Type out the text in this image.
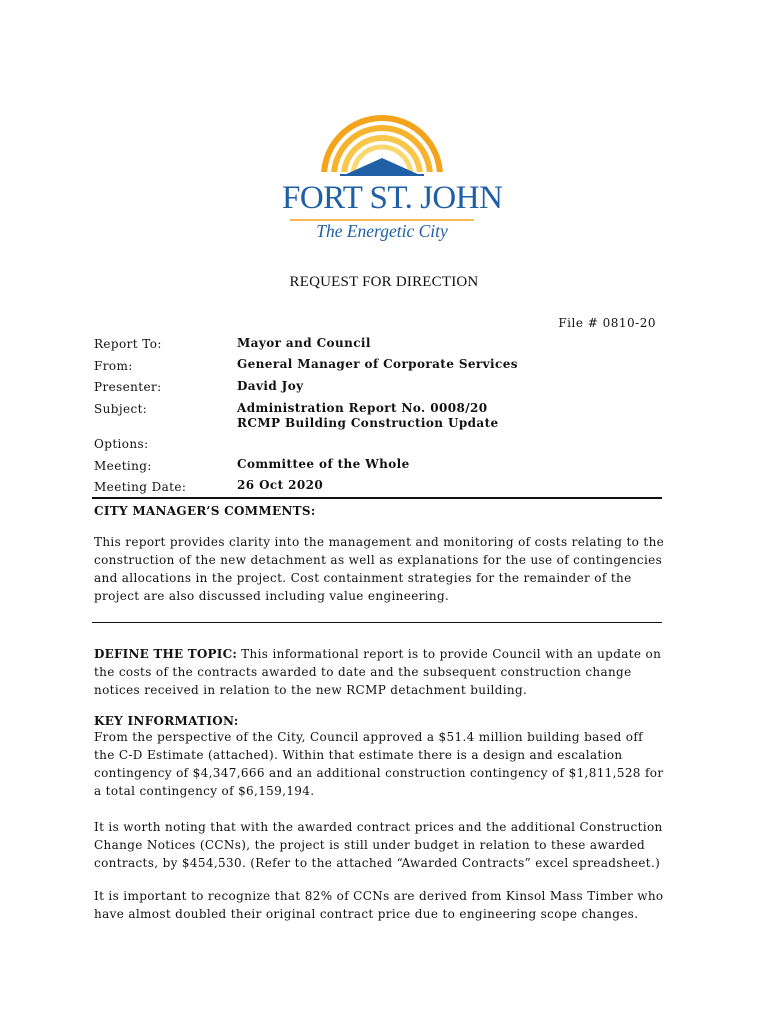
FORT ST. JOHN
The Energetic City
REQUEST FOR DIRECTION
File # 0810-20
Report To:	Mayor and Council
From:	General Manager of Corporate Services
Presenter:	David Joy
Subject:	Administration Report No. 0008/20
RCMP Building Construction Update
Options:
Meeting:	Committee of the Whole
Meeting Date:	26 Oct 2020
CITY MANAGER’S COMMENTS:

This report provides clarity into the management and monitoring of costs relating to the construction of the new detachment as well as explanations for the use of contingencies and allocations in the project. Cost containment strategies for the remainder of the project are also discussed including value engineering.

DEFINE THE TOPIC: This informational report is to provide Council with an update on the costs of the contracts awarded to date and the subsequent construction change notices received in relation to the new RCMP detachment building.

KEY INFORMATION:

From the perspective of the City, Council approved a $51.4 million building based off the C-D Estimate (attached). Within that estimate there is a design and escalation contingency of $4,347,666 and an additional construction contingency of $1,811,528 for a total contingency of $6,159,194.

It is worth noting that with the awarded contract prices and the additional Construction Change Notices (CCNs), the project is still under budget in relation to these awarded contracts, by $454,530. (Refer to the attached “Awarded Contracts” excel spreadsheet.)

It is important to recognize that 82% of CCNs are derived from Kinsol Mass Timber who have almost doubled their original contract price due to engineering scope changes.
